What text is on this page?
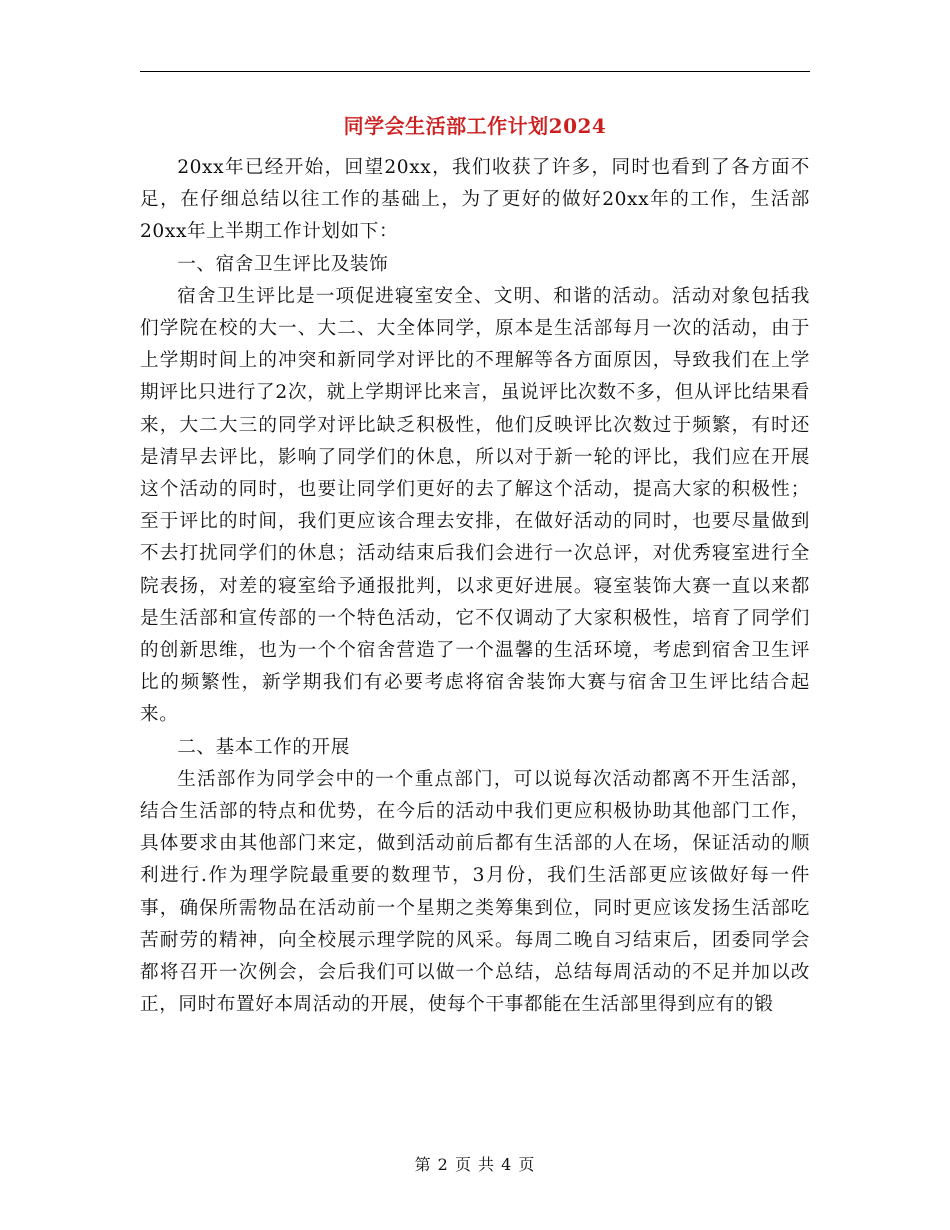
同学会生活部工作计划2024

20xx年已经开始，回望20xx，我们收获了许多，同时也看到了各方面不足，在仔细总结以往工作的基础上，为了更好的做好20xx年的工作，生活部20xx年上半期工作计划如下：

一、宿舍卫生评比及装饰

宿舍卫生评比是一项促进寝室安全、文明、和谐的活动。活动对象包括我们学院在校的大一、大二、大全体同学，原本是生活部每月一次的活动，由于上学期时间上的冲突和新同学对评比的不理解等各方面原因，导致我们在上学期评比只进行了2次，就上学期评比来言，虽说评比次数不多，但从评比结果看来，大二大三的同学对评比缺乏积极性，他们反映评比次数过于频繁，有时还是清早去评比，影响了同学们的休息，所以对于新一轮的评比，我们应在开展这个活动的同时，也要让同学们更好的去了解这个活动，提高大家的积极性；至于评比的时间，我们更应该合理去安排，在做好活动的同时，也要尽量做到不去打扰同学们的休息；活动结束后我们会进行一次总评，对优秀寝室进行全院表扬，对差的寝室给予通报批判，以求更好进展。寝室装饰大赛一直以来都是生活部和宣传部的一个特色活动，它不仅调动了大家积极性，培育了同学们的创新思维，也为一个个宿舍营造了一个温馨的生活环境，考虑到宿舍卫生评比的频繁性，新学期我们有必要考虑将宿舍装饰大赛与宿舍卫生评比结合起来。

二、基本工作的开展

生活部作为同学会中的一个重点部门，可以说每次活动都离不开生活部，结合生活部的特点和优势，在今后的活动中我们更应积极协助其他部门工作，具体要求由其他部门来定，做到活动前后都有生活部的人在场，保证活动的顺利进行.作为理学院最重要的数理节，3月份，我们生活部更应该做好每一件事，确保所需物品在活动前一个星期之类筹集到位，同时更应该发扬生活部吃苦耐劳的精神，向全校展示理学院的风采。每周二晚自习结束后，团委同学会都将召开一次例会，会后我们可以做一个总结，总结每周活动的不足并加以改正，同时布置好本周活动的开展，使每个干事都能在生活部里得到应有的锻

第 2 页 共 4 页
